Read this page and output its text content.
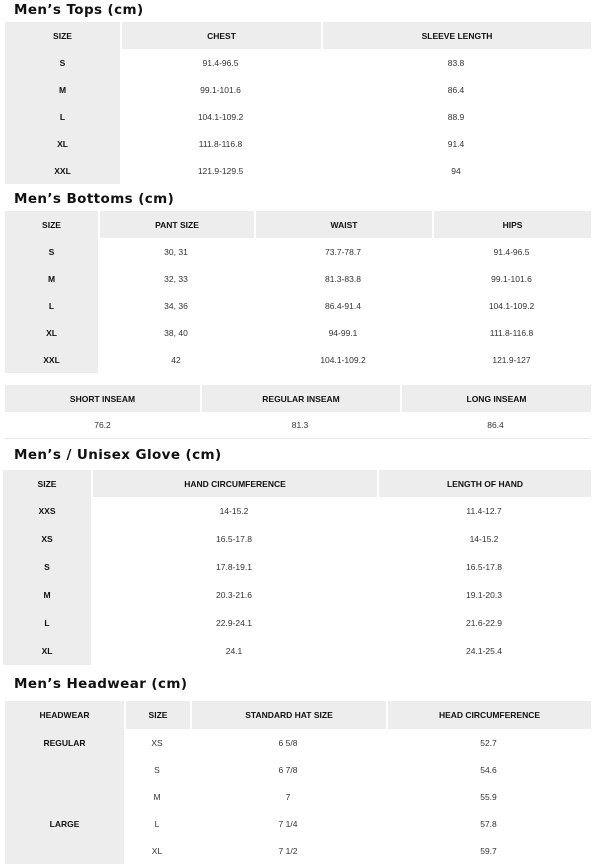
Men’s Tops (cm)
SIZE	CHEST	SLEEVE LENGTH
S	91.4-96.5	83.8
M	99.1-101.6	86.4
L	104.1-109.2	88.9
XL	111.8-116.8	91.4
XXL	121.9-129.5	94
Men’s Bottoms (cm)
SIZE	PANT SIZE	WAIST	HIPS
S	30, 31	73.7-78.7	91.4-96.5
M	32, 33	81.3-83.8	99.1-101.6
L	34, 36	86.4-91.4	104.1-109.2
XL	38, 40	94-99.1	111.8-116.8
XXL	42	104.1-109.2	121.9-127
SHORT INSEAM	REGULAR INSEAM	LONG INSEAM
76.2	81.3	86.4
Men’s / Unisex Glove (cm)
SIZE	HAND CIRCUMFERENCE	LENGTH OF HAND
XXS	14-15.2	11.4-12.7
XS	16.5-17.8	14-15.2
S	17.8-19.1	16.5-17.8
M	20.3-21.6	19.1-20.3
L	22.9-24.1	21.6-22.9
XL	24.1	24.1-25.4
Men’s Headwear (cm)
HEADWEAR	SIZE	STANDARD HAT SIZE	HEAD CIRCUMFERENCE
REGULAR	XS	6 5/8	52.7
	S	6 7/8	54.6
LARGE	M	7	55.9
	L	7 1/4	57.8
	XL	7 1/2	59.7
